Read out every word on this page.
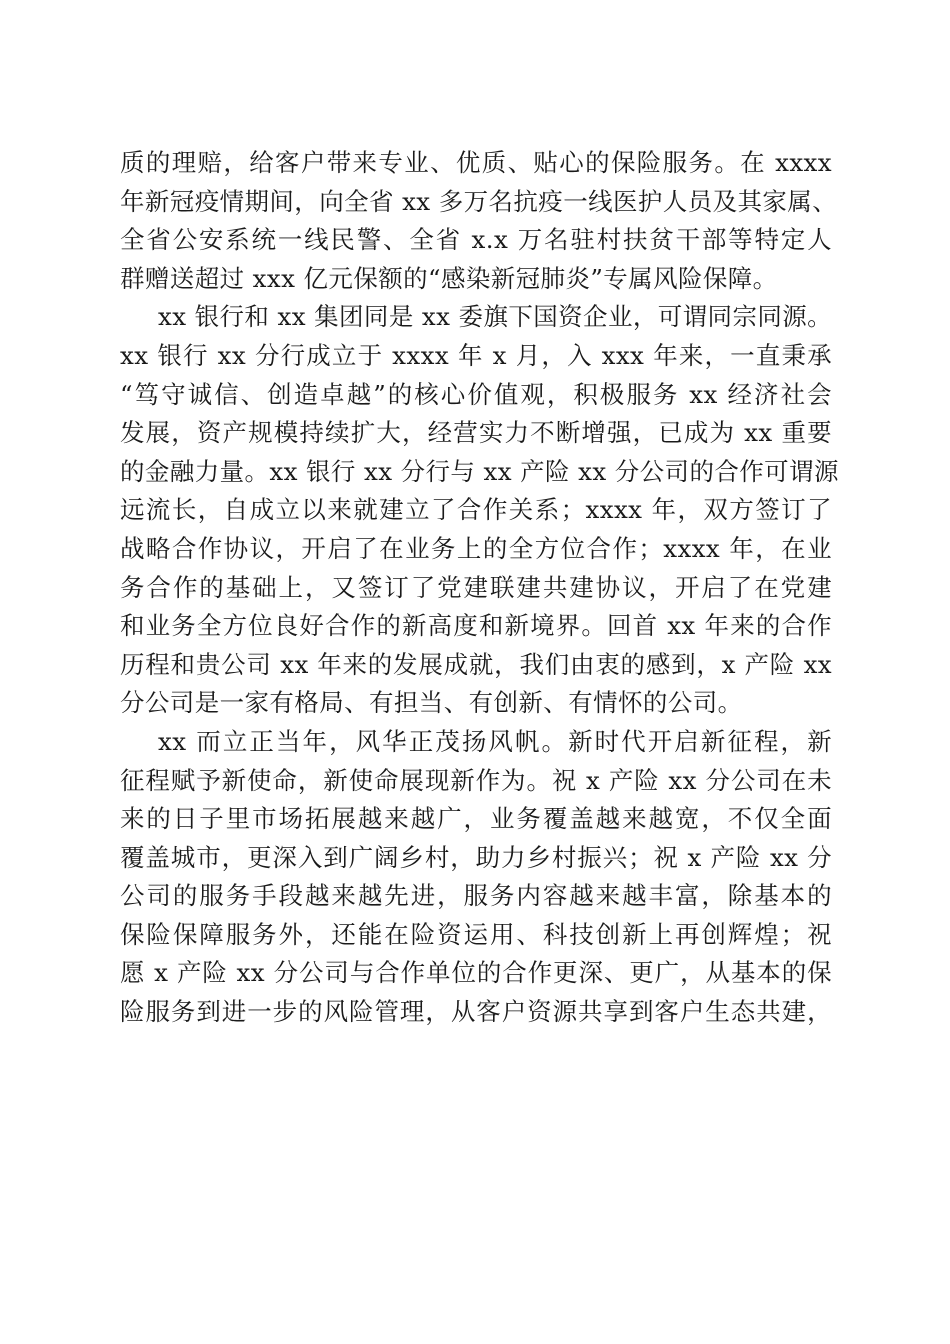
质的理赔，给客户带来专业、优质、贴心的保险服务。在 xxxx
年新冠疫情期间，向全省 xx 多万名抗疫一线医护人员及其家属、
全省公安系统一线民警、全省 x.x 万名驻村扶贫干部等特定人
群赠送超过 xxx 亿元保额的“感染新冠肺炎”专属风险保障。
xx 银行和 xx 集团同是 xx 委旗下国资企业，可谓同宗同源。
xx 银行 xx 分行成立于 xxxx 年 x 月，入 xxx 年来，一直秉承
“笃守诚信、创造卓越”的核心价值观，积极服务 xx 经济社会
发展，资产规模持续扩大，经营实力不断增强，已成为 xx 重要
的金融力量。xx 银行 xx 分行与 xx 产险 xx 分公司的合作可谓源
远流长，自成立以来就建立了合作关系；xxxx 年，双方签订了
战略合作协议，开启了在业务上的全方位合作；xxxx 年，在业
务合作的基础上，又签订了党建联建共建协议，开启了在党建
和业务全方位良好合作的新高度和新境界。回首 xx 年来的合作
历程和贵公司 xx 年来的发展成就，我们由衷的感到，x 产险 xx
分公司是一家有格局、有担当、有创新、有情怀的公司。
xx 而立正当年，风华正茂扬风帆。新时代开启新征程，新
征程赋予新使命，新使命展现新作为。祝 x 产险 xx 分公司在未
来的日子里市场拓展越来越广，业务覆盖越来越宽，不仅全面
覆盖城市，更深入到广阔乡村，助力乡村振兴；祝 x 产险 xx 分
公司的服务手段越来越先进，服务内容越来越丰富，除基本的
保险保障服务外，还能在险资运用、科技创新上再创辉煌；祝
愿 x 产险 xx 分公司与合作单位的合作更深、更广，从基本的保
险服务到进一步的风险管理，从客户资源共享到客户生态共建，
